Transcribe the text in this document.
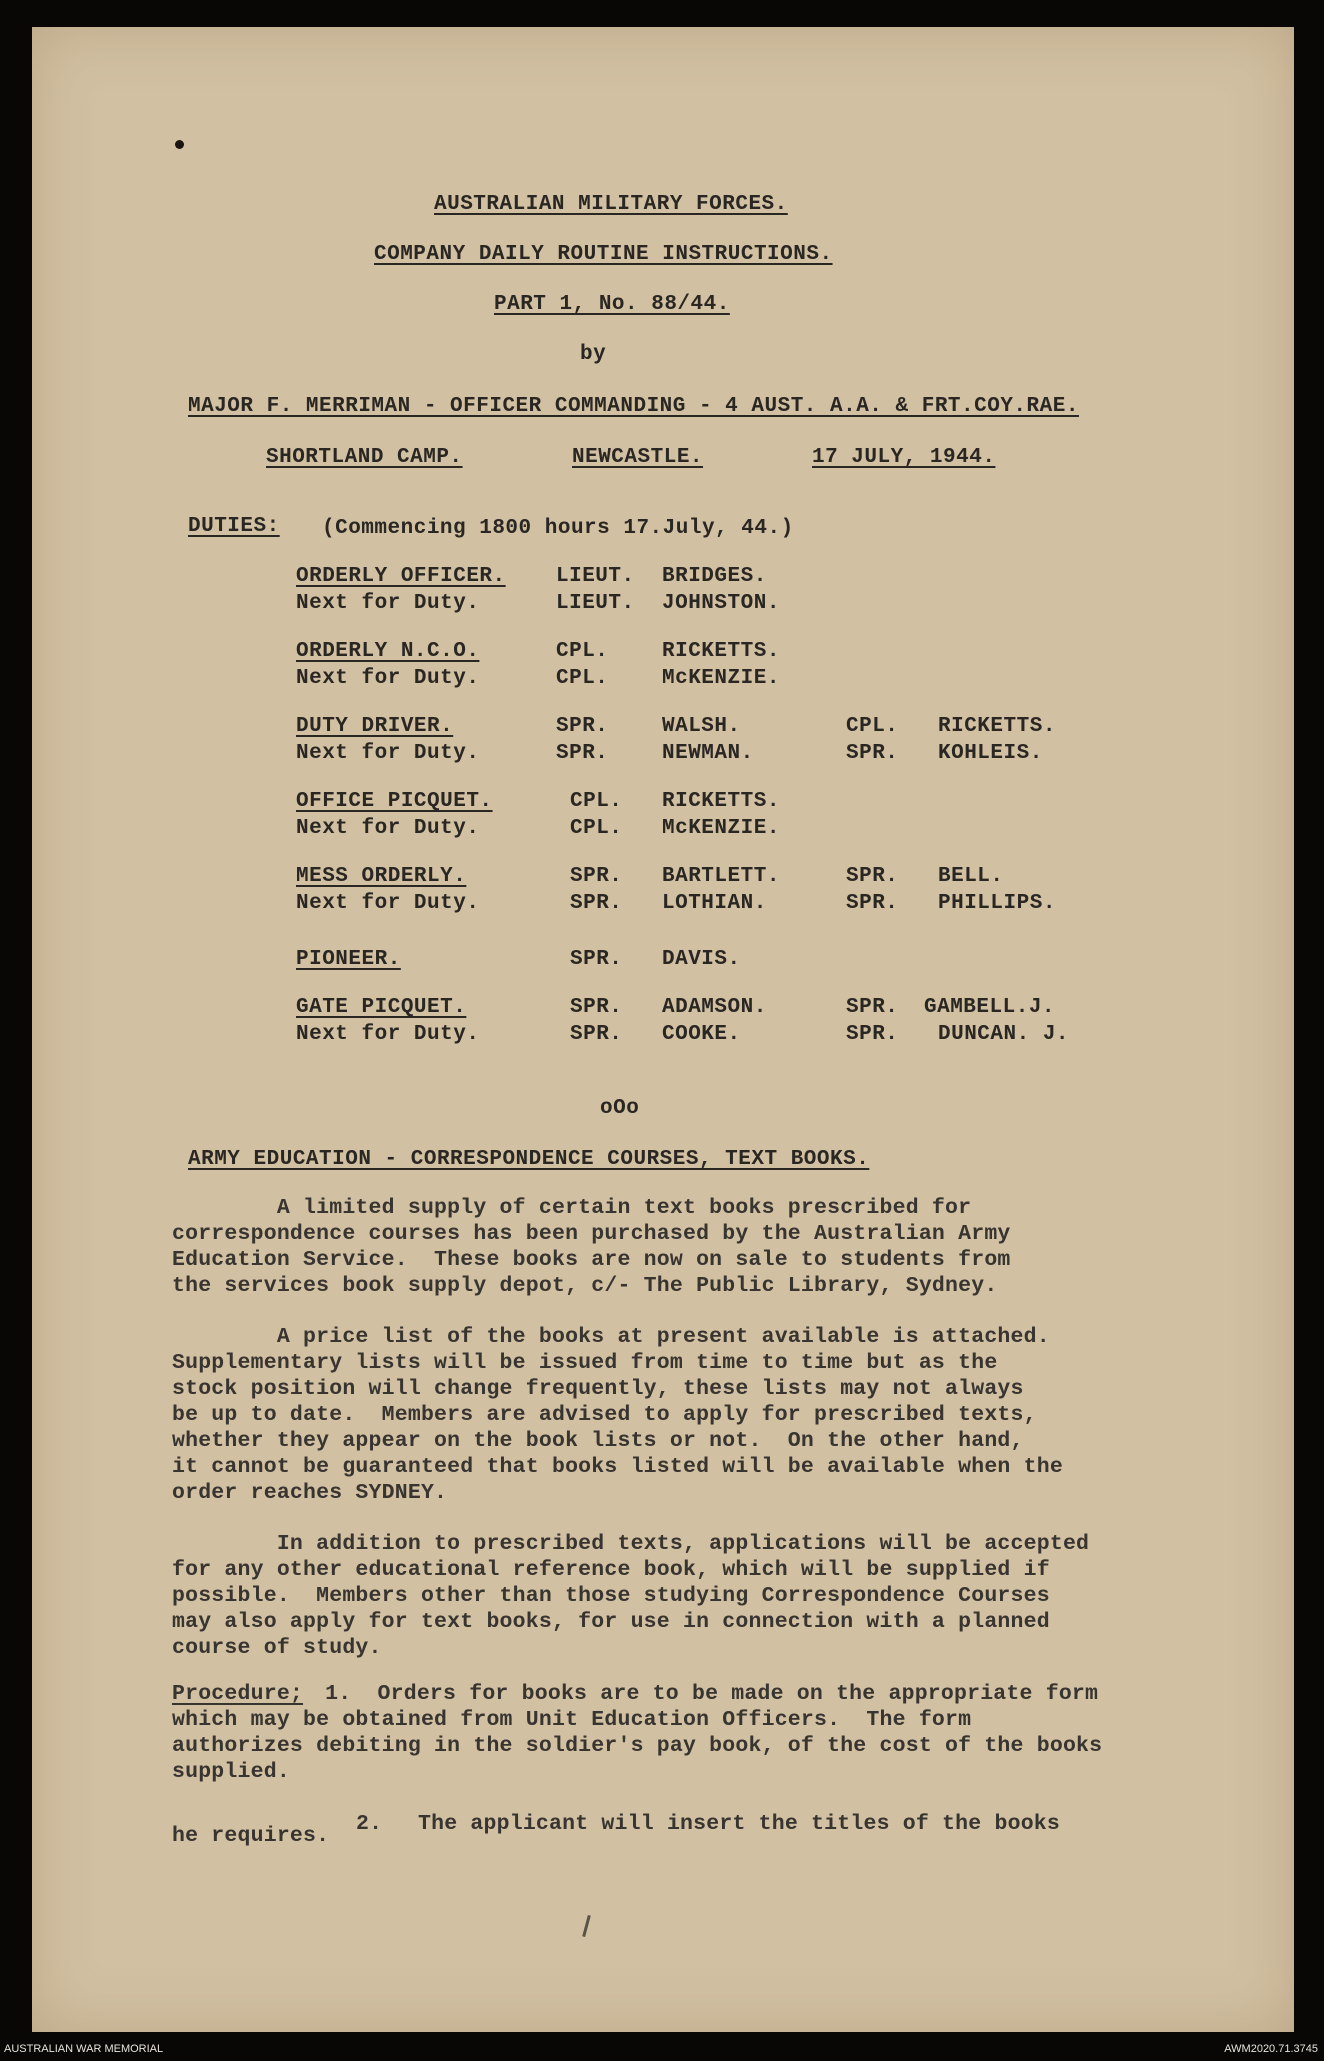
AUSTRALIAN MILITARY FORCES.
COMPANY DAILY ROUTINE INSTRUCTIONS.
PART 1, No. 88/44.
by
MAJOR F. MERRIMAN - OFFICER COMMANDING - 4 AUST. A.A. & FRT.COY.RAE.
SHORTLAND CAMP.	NEWCASTLE.	17 JULY, 1944.
DUTIES: (Commencing 1800 hours 17.July, 44.)
ORDERLY OFFICER. LIEUT. BRIDGES.
Next for Duty.	LIEUT. JOHNSTON.
ORDERLY N.C.O.	CPL.	RICKETTS.
Next for Duty.	CPL.	McKENZIE.
DUTY DRIVER.	SPR.	WALSH.	CPL. RICKETTS.
Next for Duty.	SPR.	NEWMAN.	SPR. KOHLEIS.
OFFICE PICQUET.	CPL. RICKETTS.
Next for Duty.	CPL. McKENZIE.
MESS ORDERLY.	SPR. BARTLETT.	SPR. BELL.
Next for Duty.	SPR. LOTHIAN.	SPR. PHILLIPS.
PIONEER.	SPR. DAVIS.
GATE PICQUET.	SPR. ADAMSON.	SPR. GAMBELL.J.
Next for Duty.	SPR. COOKE.	SPR. DUNCAN. J.
oOo
ARMY EDUCATION - CORRESPONDENCE COURSES, TEXT BOOKS.
A limited supply of certain text books prescribed for
correspondence courses has been purchased by the Australian Army
Education Service.  These books are now on sale to students from
the services book supply depot, c/- The Public Library, Sydney.
A price list of the books at present available is attached.
Supplementary lists will be issued from time to time but as the
stock position will change frequently, these lists may not always
be up to date.  Members are advised to apply for prescribed texts,
whether they appear on the book lists or not.  On the other hand,
it cannot be guaranteed that books listed will be available when the
order reaches SYDNEY.
In addition to prescribed texts, applications will be accepted
for any other educational reference book, which will be supplied if
possible.  Members other than those studying Correspondence Courses
may also apply for text books, for use in connection with a planned
course of study.
Procedure; 1.  Orders for books are to be made on the appropriate form
which may be obtained from Unit Education Officers.  The form
authorizes debiting in the soldier's pay book, of the cost of the books
supplied.
2. The applicant will insert the titles of the books
he requires.
AUSTRALIAN WAR MEMORIAL	AWM2020.71.3745
